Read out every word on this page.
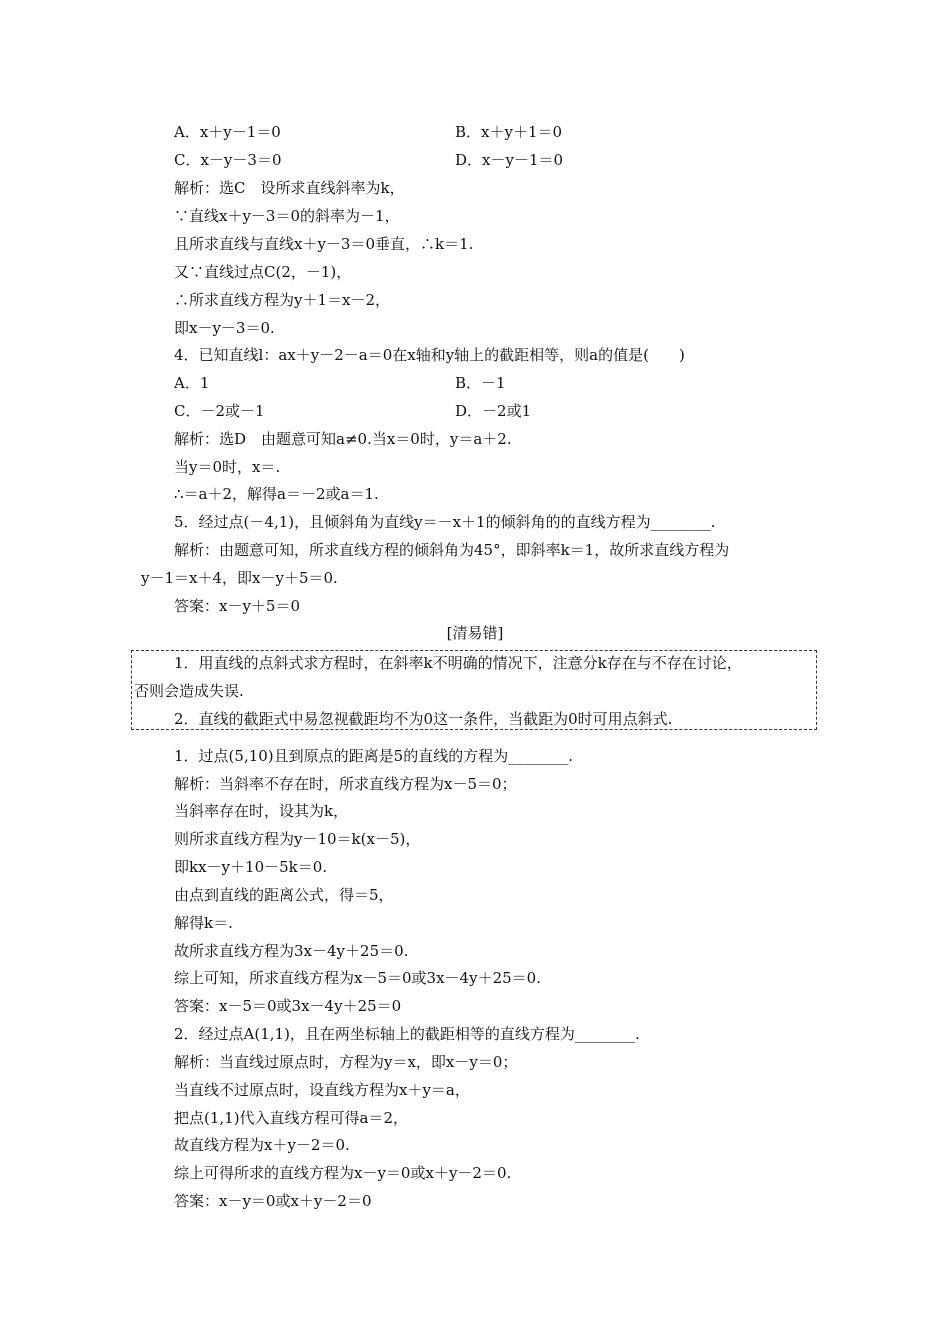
A．x＋y－1＝0	B．x＋y＋1＝0
C．x－y－3＝0	D．x－y－1＝0
解析：选C　设所求直线斜率为k，
∵直线x＋y－3＝0的斜率为－1，
且所求直线与直线x＋y－3＝0垂直，∴k＝1.
又∵直线过点C(2，－1)，
∴所求直线方程为y＋1＝x－2，
即x－y－3＝0.
4．已知直线l：ax＋y－2－a＝0在x轴和y轴上的截距相等，则a的值是(　　)
A．1	B．－1
C．－2或－1	D．－2或1
解析：选D　由题意可知a≠0.当x＝0时，y＝a＋2.
当y＝0时，x＝.
∴＝a＋2，解得a＝－2或a＝1.
5．经过点(－4,1)，且倾斜角为直线y＝－x＋1的倾斜角的的直线方程为________.
解析：由题意可知，所求直线方程的倾斜角为45°，即斜率k＝1，故所求直线方程为
y－1＝x＋4，即x－y＋5＝0.
答案：x－y＋5＝0
[清易错]
1．用直线的点斜式求方程时，在斜率k不明确的情况下，注意分k存在与不存在讨论，
否则会造成失误.
2．直线的截距式中易忽视截距均不为0这一条件，当截距为0时可用点斜式.
1．过点(5,10)且到原点的距离是5的直线的方程为________.
解析：当斜率不存在时，所求直线方程为x－5＝0；
当斜率存在时，设其为k，
则所求直线方程为y－10＝k(x－5)，
即kx－y＋10－5k＝0.
由点到直线的距离公式，得＝5，
解得k＝.
故所求直线方程为3x－4y＋25＝0.
综上可知，所求直线方程为x－5＝0或3x－4y＋25＝0.
答案：x－5＝0或3x－4y＋25＝0
2．经过点A(1,1)，且在两坐标轴上的截距相等的直线方程为________.
解析：当直线过原点时，方程为y＝x，即x－y＝0；
当直线不过原点时，设直线方程为x＋y＝a，
把点(1,1)代入直线方程可得a＝2，
故直线方程为x＋y－2＝0.
综上可得所求的直线方程为x－y＝0或x＋y－2＝0.
答案：x－y＝0或x＋y－2＝0
